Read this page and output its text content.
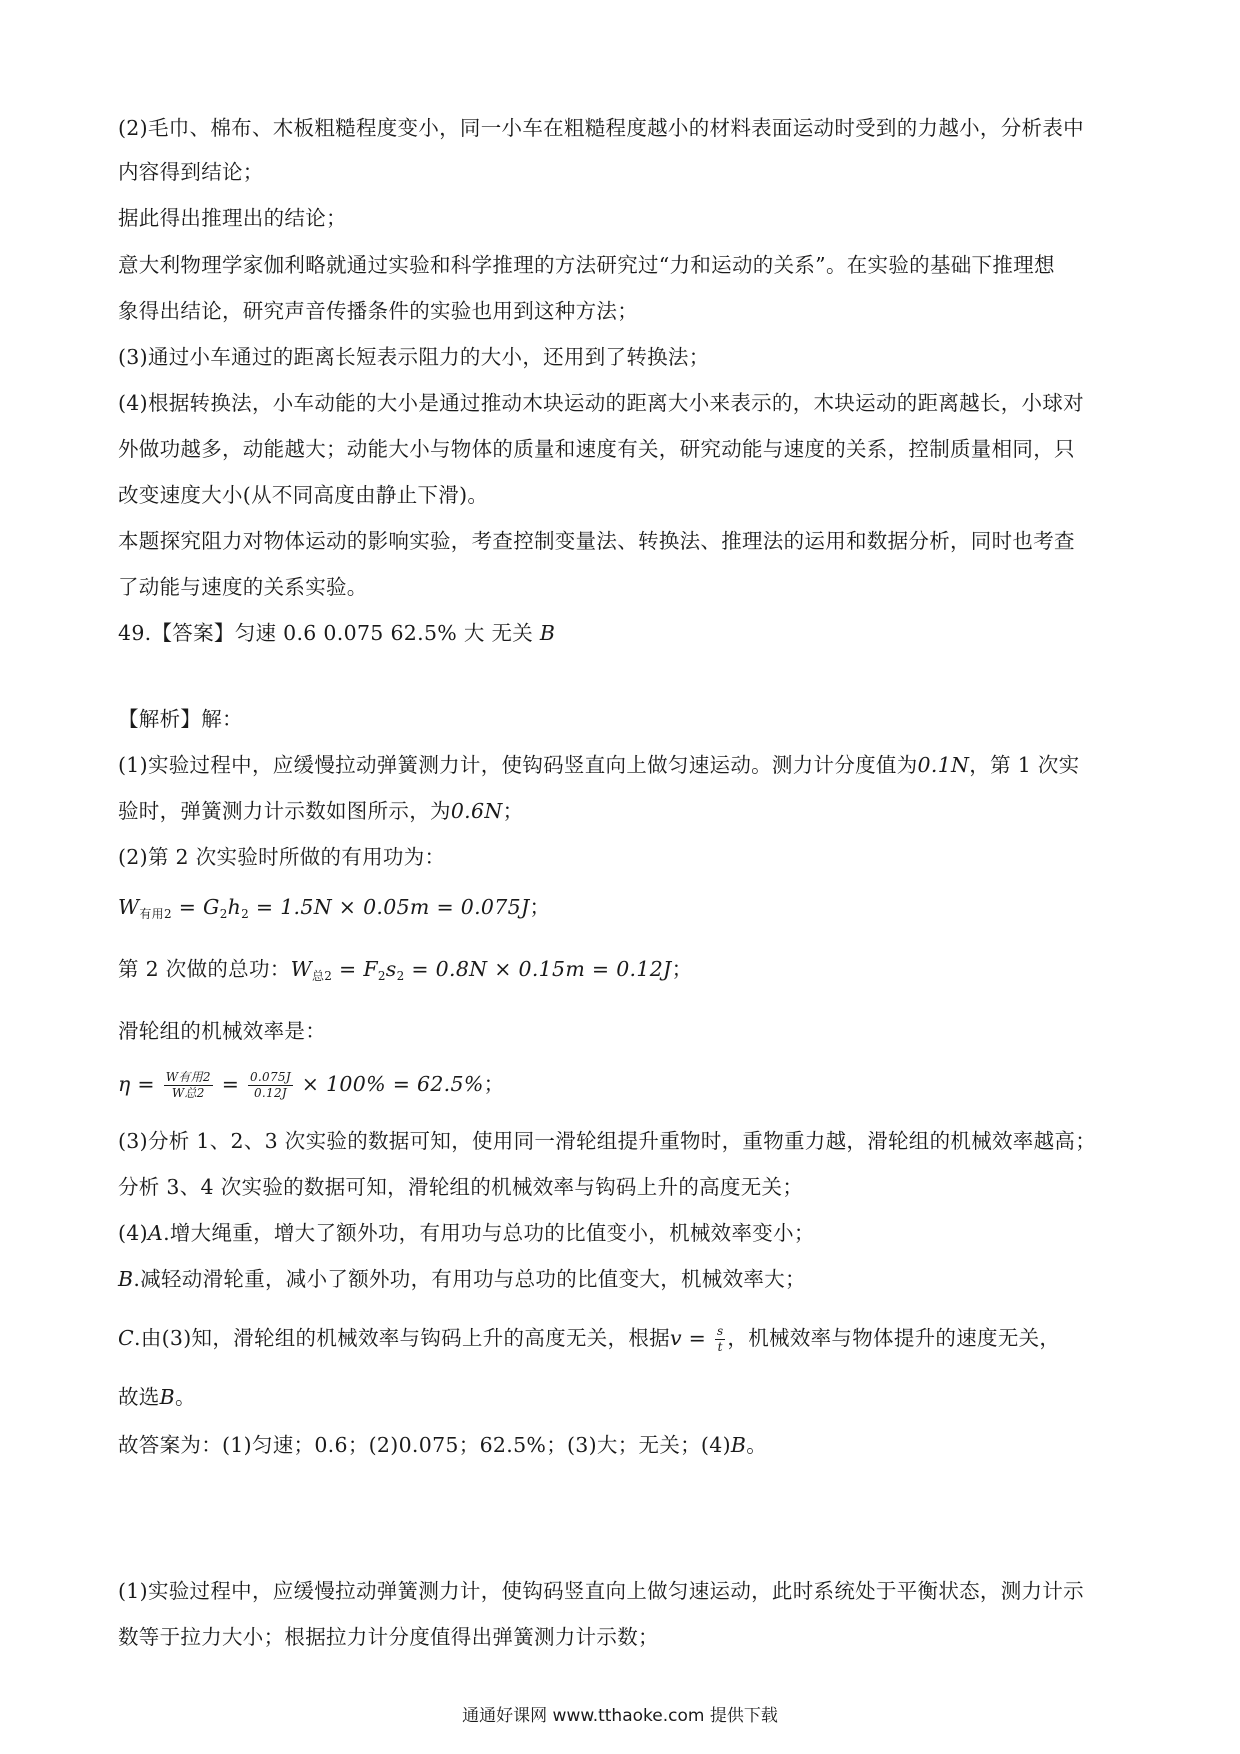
(2)毛巾、棉布、木板粗糙程度变小，同一小车在粗糙程度越小的材料表面运动时受到的力越小，分析表中
内容得到结论；
据此得出推理出的结论；
意大利物理学家伽利略就通过实验和科学推理的方法研究过“力和运动的关系”。在实验的基础下推理想
象得出结论，研究声音传播条件的实验也用到这种方法；
(3)通过小车通过的距离长短表示阻力的大小，还用到了转换法；
(4)根据转换法，小车动能的大小是通过推动木块运动的距离大小来表示的，木块运动的距离越长，小球对
外做功越多，动能越大；动能大小与物体的质量和速度有关，研究动能与速度的关系，控制质量相同，只
改变速度大小(从不同高度由静止下滑)。
本题探究阻力对物体运动的影响实验，考查控制变量法、转换法、推理法的运用和数据分析，同时也考查
了动能与速度的关系实验。
49.【答案】匀速 0.6 0.075 62.5% 大 无关 B
【解析】解：
(1)实验过程中，应缓慢拉动弹簧测力计，使钩码竖直向上做匀速运动。测力计分度值为0.1N，第 1 次实
验时，弹簧测力计示数如图所示，为0.6N；
(2)第 2 次实验时所做的有用功为：
$W_{有用2} = G_2h_2 = 1.5N \times 0.05m = 0.075J$；
第 2 次做的总功：$W_{总2} = F_2s_2 = 0.8N \times 0.15m = 0.12J$；
滑轮组的机械效率是：
$\eta = \frac{\text{W有用2}}{\text{W总2}} = \frac{0.075J}{0.12J} \times 100\% = 62.5\%$；
(3)分析 1、2、3 次实验的数据可知，使用同一滑轮组提升重物时，重物重力越，滑轮组的机械效率越高；
分析 3、4 次实验的数据可知，滑轮组的机械效率与钩码上升的高度无关；
(4)A.增大绳重，增大了额外功，有用功与总功的比值变小，机械效率变小；
B.减轻动滑轮重，减小了额外功，有用功与总功的比值变大，机械效率大；
C.由(3)知，滑轮组的机械效率与钩码上升的高度无关，根据$v = \frac{s}{t}$ ，机械效率与物体提升的速度无关，
故选B。
故答案为：(1)匀速；0.6；(2)0.075；62.5%；(3)大；无关；(4)B。
(1)实验过程中，应缓慢拉动弹簧测力计，使钩码竖直向上做匀速运动，此时系统处于平衡状态，测力计示
数等于拉力大小；根据拉力计分度值得出弹簧测力计示数；
通通好课网 www.tthaoke.com 提供下载
